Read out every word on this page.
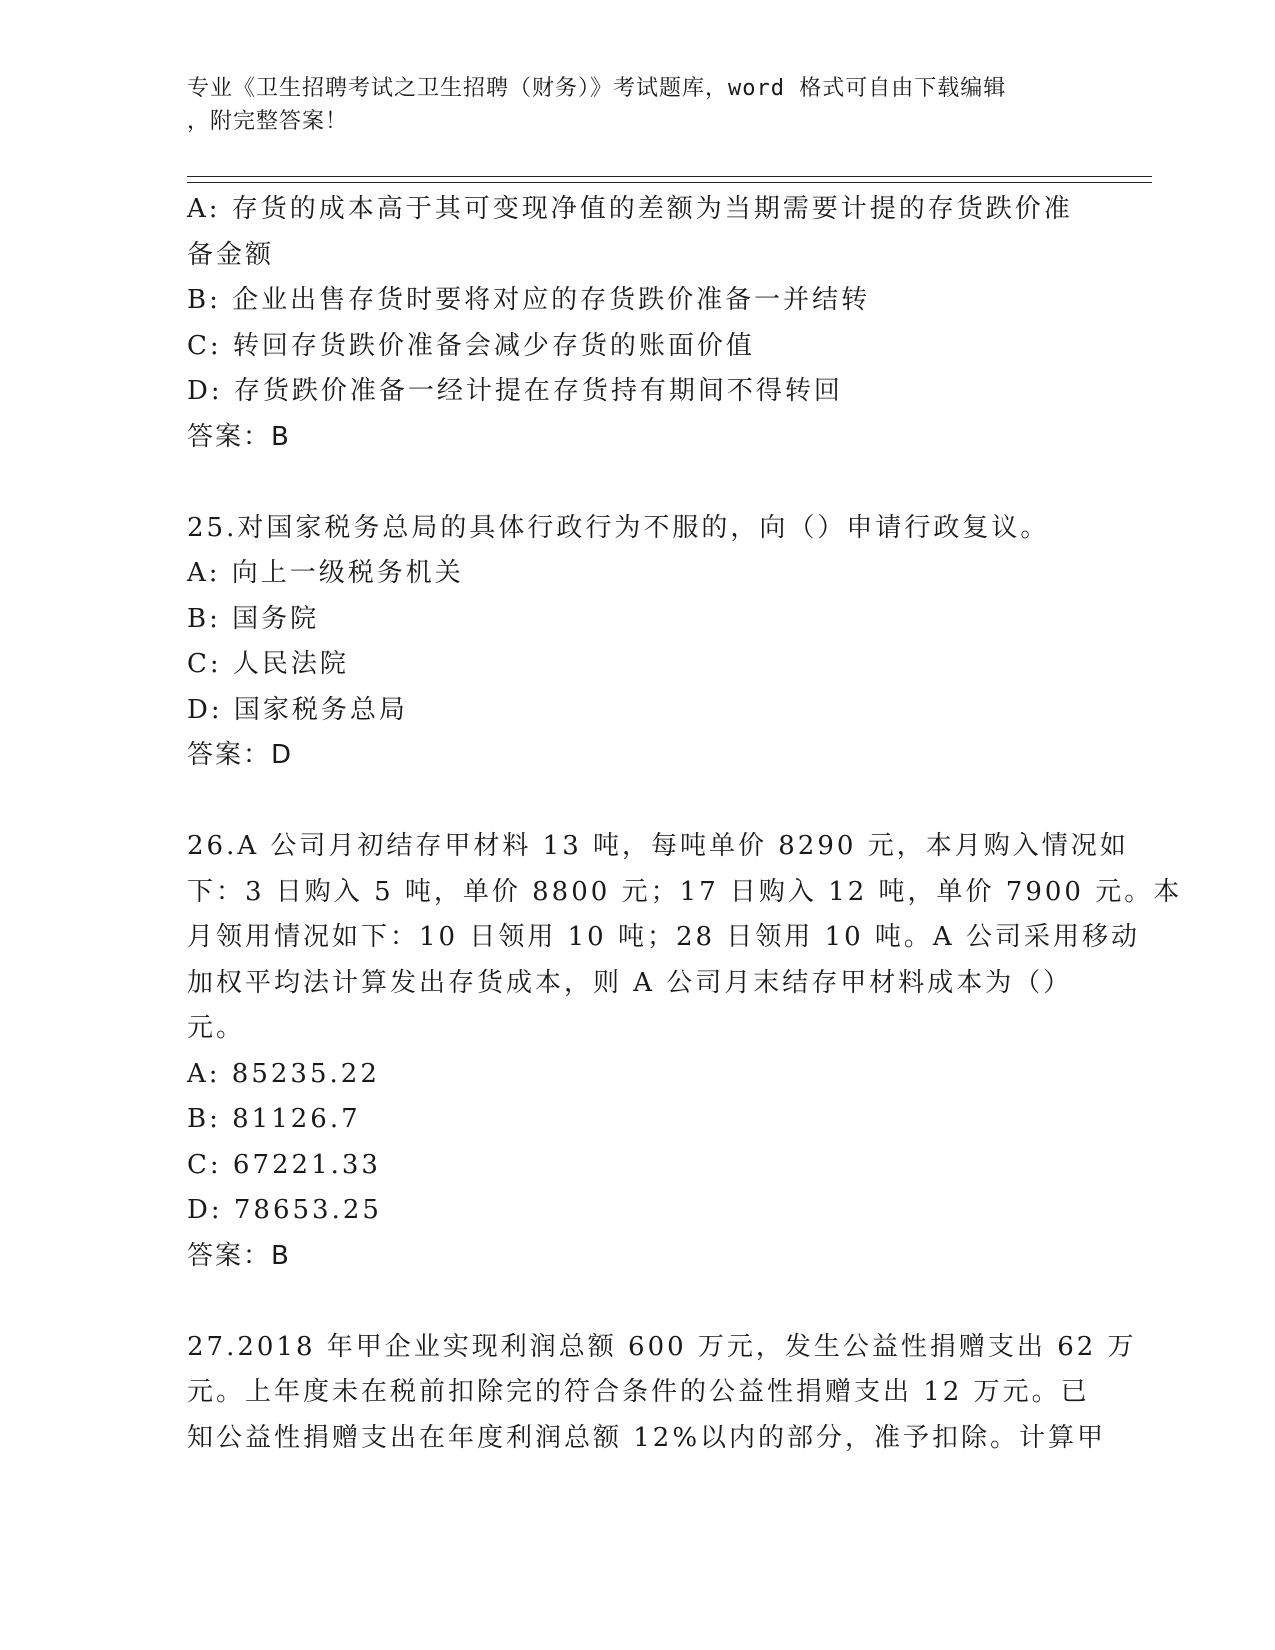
专业《卫生招聘考试之卫生招聘（财务）》考试题库，word 格式可自由下载编辑
，附完整答案！
A: 存货的成本高于其可变现净值的差额为当期需要计提的存货跌价准
备金额
B: 企业出售存货时要将对应的存货跌价准备一并结转
C: 转回存货跌价准备会减少存货的账面价值
D: 存货跌价准备一经计提在存货持有期间不得转回
答案：B
25.对国家税务总局的具体行政行为不服的，向（）申请行政复议。
A: 向上一级税务机关
B: 国务院
C: 人民法院
D: 国家税务总局
答案：D
26.A 公司月初结存甲材料 13 吨，每吨单价 8290 元，本月购入情况如
下：3 日购入 5 吨，单价 8800 元；17 日购入 12 吨，单价 7900 元。本
月领用情况如下：10 日领用 10 吨；28 日领用 10 吨。A 公司采用移动
加权平均法计算发出存货成本，则 A 公司月末结存甲材料成本为（）
元。
A: 85235.22
B: 81126.7
C: 67221.33
D: 78653.25
答案：B
27.2018 年甲企业实现利润总额 600 万元，发生公益性捐赠支出 62 万
元。上年度未在税前扣除完的符合条件的公益性捐赠支出 12 万元。已
知公益性捐赠支出在年度利润总额 12%以内的部分，准予扣除。计算甲
